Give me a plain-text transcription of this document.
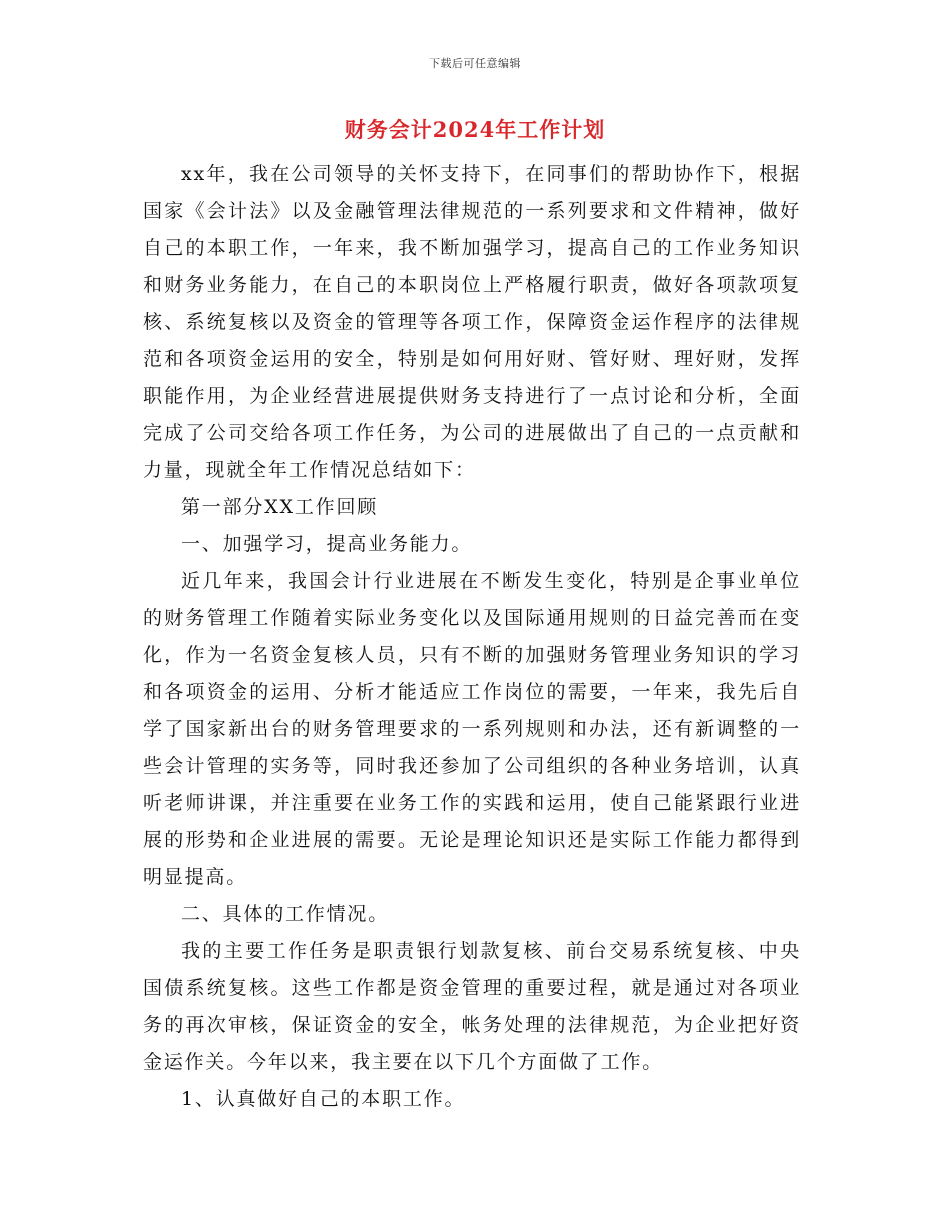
下载后可任意编辑
财务会计2024年工作计划

xx年，我在公司领导的关怀支持下，在同事们的帮助协作下，根据国家《会计法》以及金融管理法律规范的一系列要求和文件精神，做好自己的本职工作，一年来，我不断加强学习，提高自己的工作业务知识和财务业务能力，在自己的本职岗位上严格履行职责，做好各项款项复核、系统复核以及资金的管理等各项工作，保障资金运作程序的法律规范和各项资金运用的安全，特别是如何用好财、管好财、理好财，发挥职能作用，为企业经营进展提供财务支持进行了一点讨论和分析，全面完成了公司交给各项工作任务，为公司的进展做出了自己的一点贡献和力量，现就全年工作情况总结如下：

第一部分XX工作回顾

一、加强学习，提高业务能力。

近几年来，我国会计行业进展在不断发生变化，特别是企事业单位的财务管理工作随着实际业务变化以及国际通用规则的日益完善而在变化，作为一名资金复核人员，只有不断的加强财务管理业务知识的学习和各项资金的运用、分析才能适应工作岗位的需要，一年来，我先后自学了国家新出台的财务管理要求的一系列规则和办法，还有新调整的一些会计管理的实务等，同时我还参加了公司组织的各种业务培训，认真听老师讲课，并注重要在业务工作的实践和运用，使自己能紧跟行业进展的形势和企业进展的需要。无论是理论知识还是实际工作能力都得到明显提高。

二、具体的工作情况。

我的主要工作任务是职责银行划款复核、前台交易系统复核、中央国债系统复核。这些工作都是资金管理的重要过程，就是通过对各项业务的再次审核，保证资金的安全，帐务处理的法律规范，为企业把好资金运作关。今年以来，我主要在以下几个方面做了工作。

1、认真做好自己的本职工作。
